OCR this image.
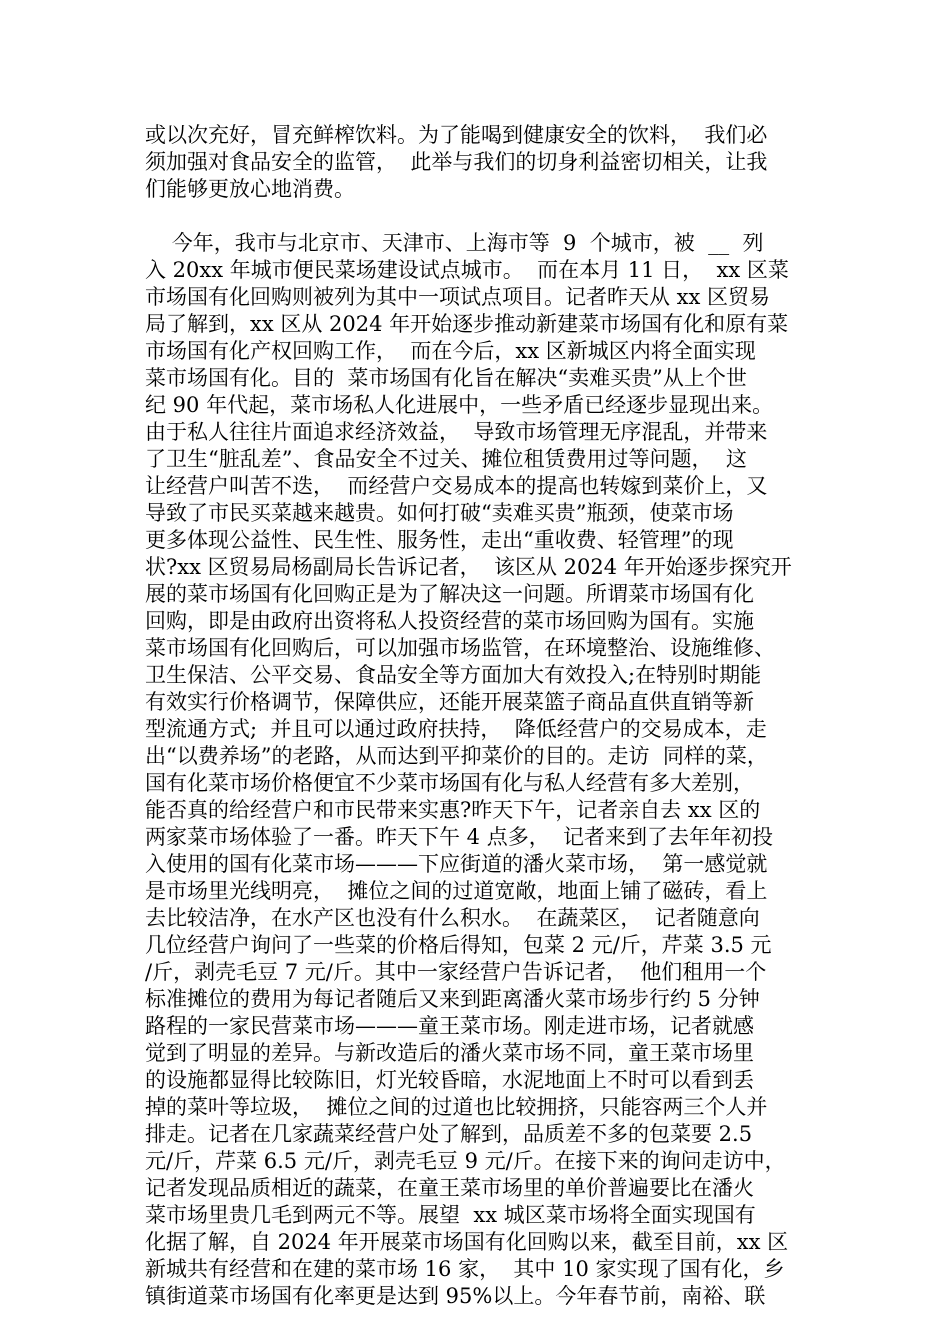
或以次充好，冒充鲜榨饮料。为了能喝到健康安全的饮料，  我们必
须加强对食品安全的监管，  此举与我们的切身利益密切相关，让我
们能够更放心地消费。
今年，我市与北京市、天津市、上海市等  9  个城市，被  __  列
入 20xx 年城市便民菜场建设试点城市。  而在本月 11 日，  xx 区菜
市场国有化回购则被列为其中一项试点项目。记者昨天从 xx 区贸易
局了解到，xx 区从 2024 年开始逐步推动新建菜市场国有化和原有菜
市场国有化产权回购工作，  而在今后，xx 区新城区内将全面实现
菜市场国有化。目的  菜市场国有化旨在解决“卖难买贵”从上个世
纪 90 年代起，菜市场私人化进展中，一些矛盾已经逐步显现出来。
由于私人往往片面追求经济效益，  导致市场管理无序混乱，并带来
了卫生“脏乱差”、食品安全不过关、摊位租赁费用过等问题，  这
让经营户叫苦不迭，  而经营户交易成本的提高也转嫁到菜价上，又
导致了市民买菜越来越贵。如何打破“卖难买贵”瓶颈，使菜市场
更多体现公益性、民生性、服务性，走出“重收费、轻管理”的现
状?xx 区贸易局杨副局长告诉记者，  该区从 2024 年开始逐步探究开
展的菜市场国有化回购正是为了解决这一问题。所谓菜市场国有化
回购，即是由政府出资将私人投资经营的菜市场回购为国有。实施
菜市场国有化回购后，可以加强市场监管，在环境整治、设施维修、
卫生保洁、公平交易、食品安全等方面加大有效投入;在特别时期能
有效实行价格调节，保障供应，还能开展菜篮子商品直供直销等新
型流通方式;  并且可以通过政府扶持，  降低经营户的交易成本，走
出“以费养场”的老路，从而达到平抑菜价的目的。走访  同样的菜，
国有化菜市场价格便宜不少菜市场国有化与私人经营有多大差别，
能否真的给经营户和市民带来实惠?昨天下午，记者亲自去 xx 区的
两家菜市场体验了一番。昨天下午 4 点多，  记者来到了去年年初投
入使用的国有化菜市场———下应街道的潘火菜市场，  第一感觉就
是市场里光线明亮，  摊位之间的过道宽敞，地面上铺了磁砖，看上
去比较洁净，在水产区也没有什么积水。  在蔬菜区，  记者随意向
几位经营户询问了一些菜的价格后得知，包菜 2 元/斤，芹菜 3.5 元
/斤，剥壳毛豆 7 元/斤。其中一家经营户告诉记者，  他们租用一个
标准摊位的费用为每记者随后又来到距离潘火菜市场步行约 5 分钟
路程的一家民营菜市场———童王菜市场。刚走进市场，记者就感
觉到了明显的差异。与新改造后的潘火菜市场不同，童王菜市场里
的设施都显得比较陈旧，灯光较昏暗，水泥地面上不时可以看到丢
掉的菜叶等垃圾，  摊位之间的过道也比较拥挤，只能容两三个人并
排走。记者在几家蔬菜经营户处了解到，品质差不多的包菜要 2.5
元/斤，芹菜 6.5 元/斤，剥壳毛豆 9 元/斤。在接下来的询问走访中，
记者发现品质相近的蔬菜，在童王菜市场里的单价普遍要比在潘火
菜市场里贵几毛到两元不等。展望  xx 城区菜市场将全面实现国有
化据了解，自 2024 年开展菜市场国有化回购以来，截至目前，xx 区
新城共有经营和在建的菜市场 16 家，  其中 10 家实现了国有化，乡
镇街道菜市场国有化率更是达到 95%以上。今年春节前，南裕、联
